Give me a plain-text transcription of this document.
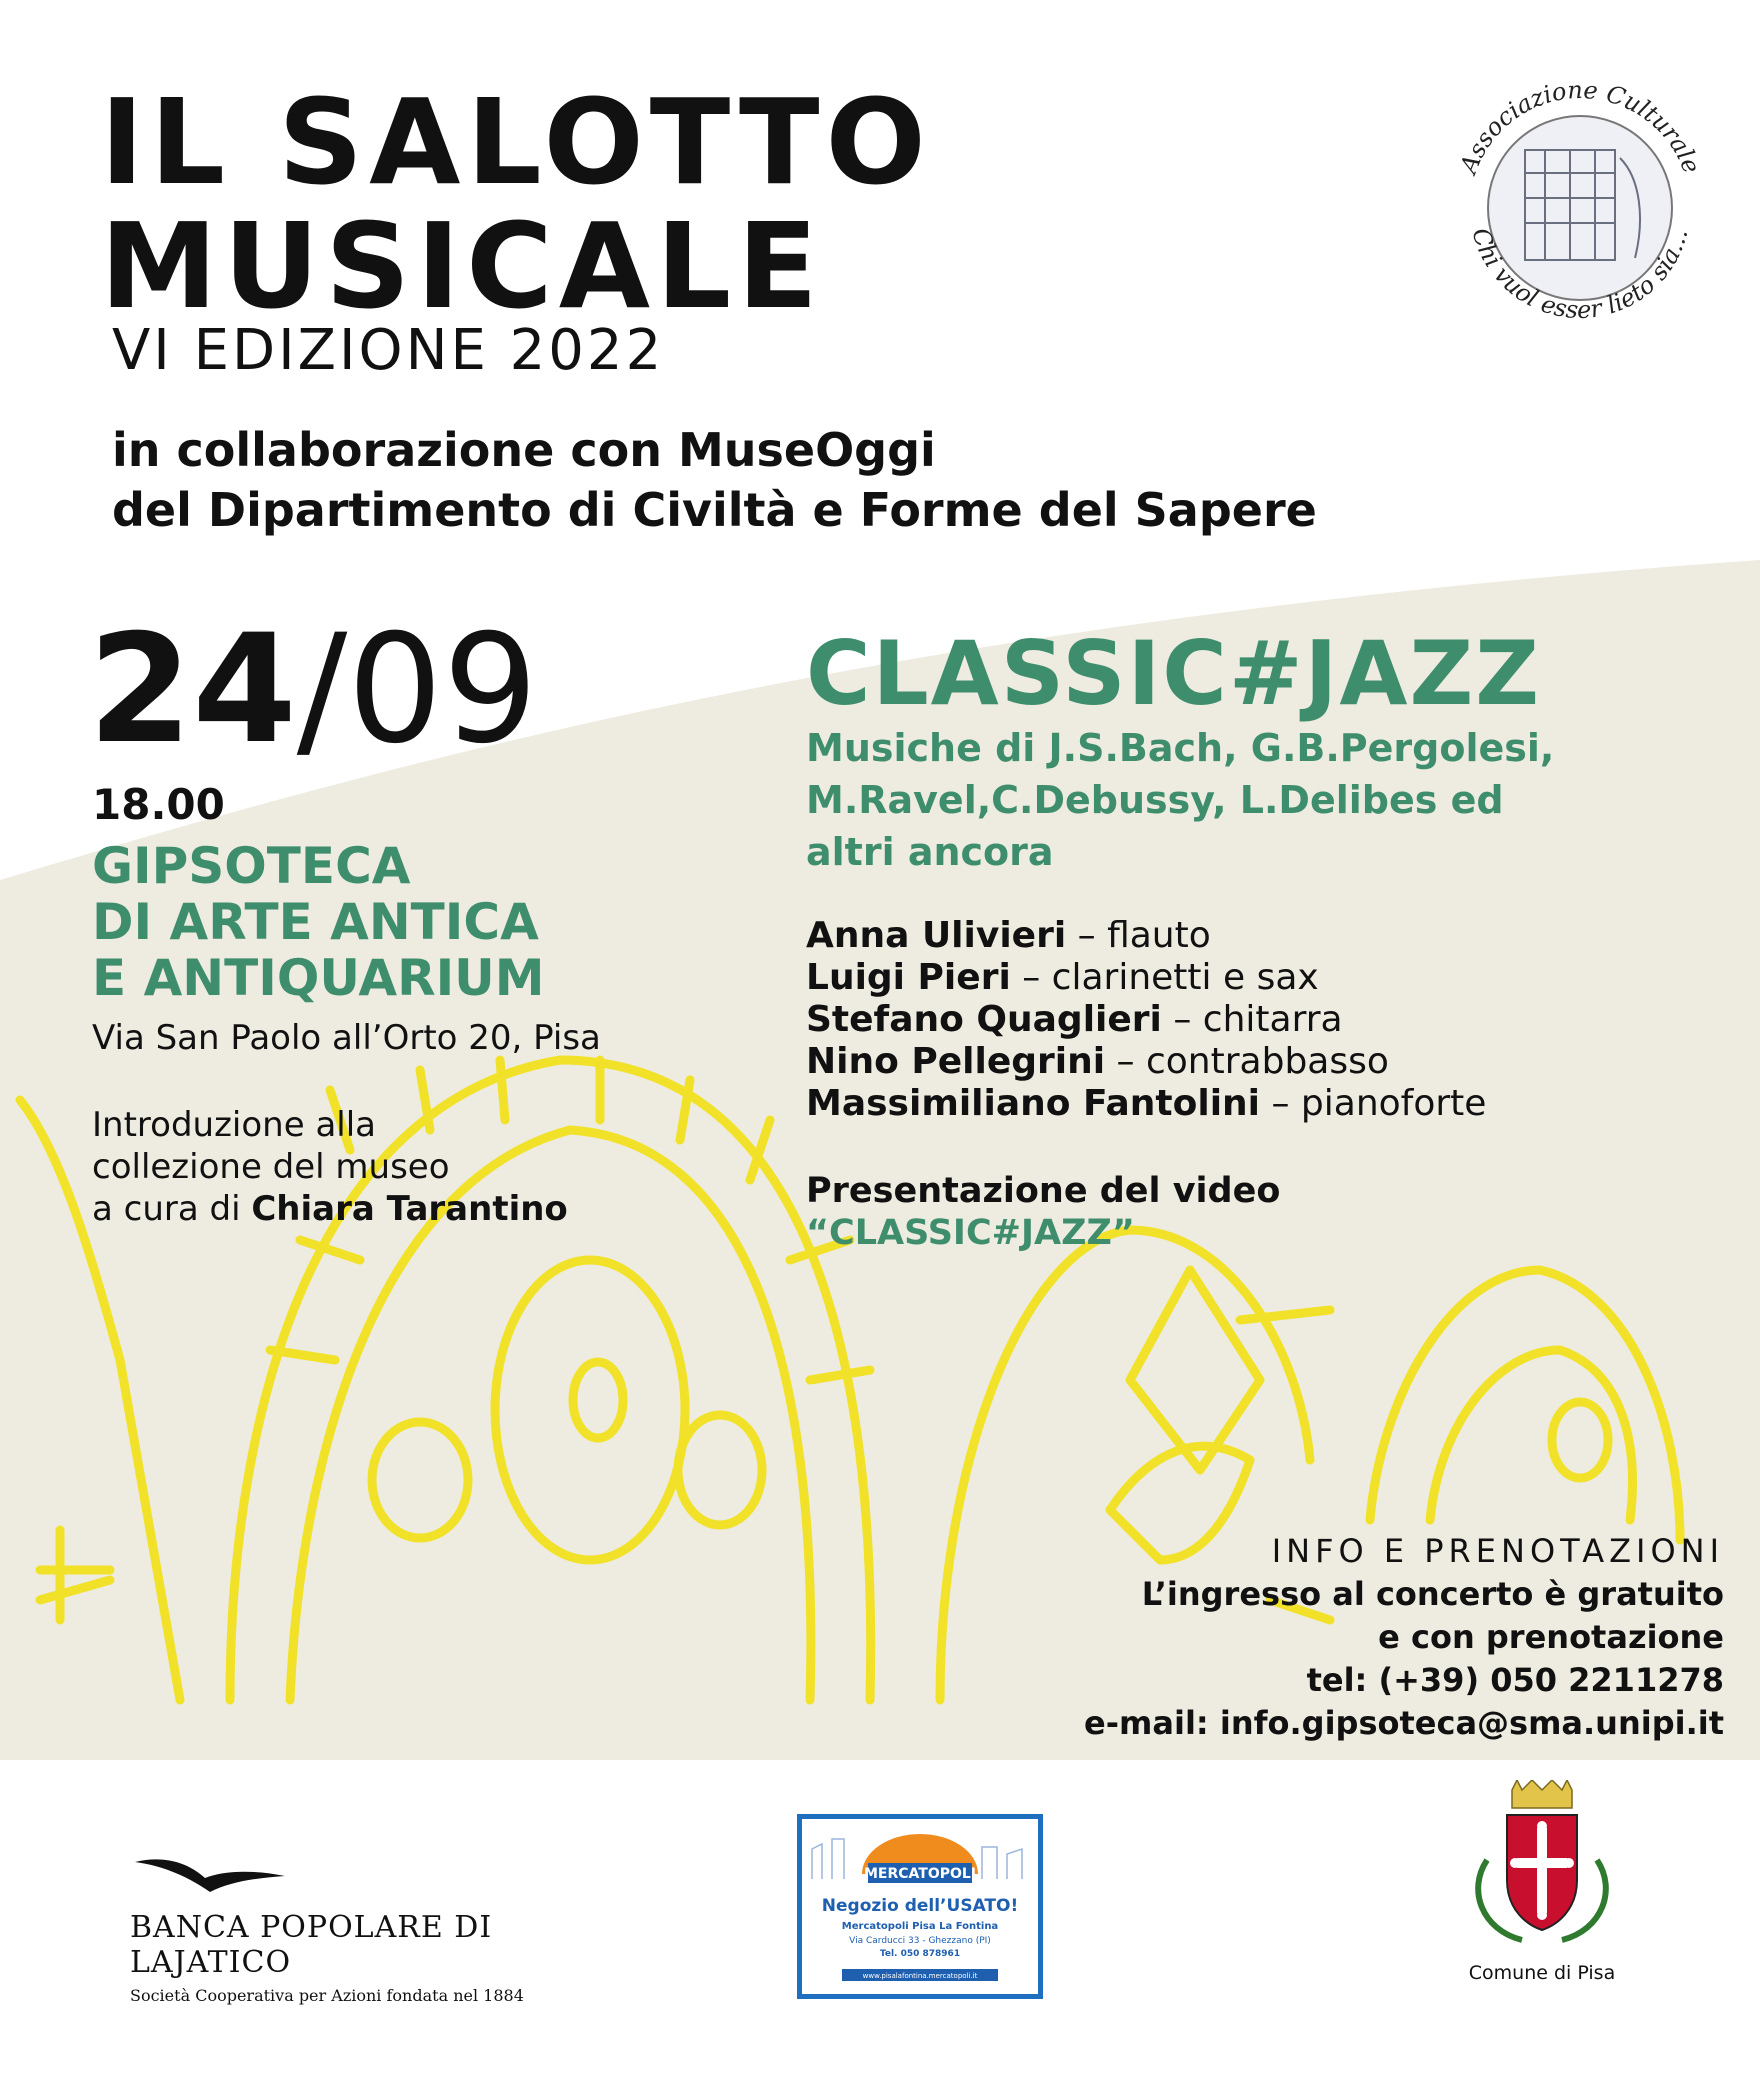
IL SALOTTO
MUSICALE
VI EDIZIONE 2022
in collaborazione con MuseOggi
del Dipartimento di Civiltà e Forme del Sapere
Associazione Culturale
Chi vuol esser lieto sia...
24/09
18.00
GIPSOTECA
DI ARTE ANTICA
E ANTIQUARIUM
Via San Paolo all’Orto 20, Pisa
Introduzione alla
collezione del museo
a cura di Chiara Tarantino
CLASSIC#JAZZ
Musiche di J.S.Bach, G.B.Pergolesi,
M.Ravel,C.Debussy, L.Delibes ed
altri ancora
Anna Ulivieri – flauto
Luigi Pieri – clarinetti e sax
Stefano Quaglieri – chitarra
Nino Pellegrini – contrabbasso
Massimiliano Fantolini – pianoforte
Presentazione del video
“CLASSIC#JAZZ”
INFO E PRENOTAZIONI
L’ingresso al concerto è gratuito
e con prenotazione
tel: (+39) 050 2211278
e-mail: info.gipsoteca@sma.unipi.it
BANCA POPOLARE DI LAJATICO
Società Cooperativa per Azioni fondata nel 1884
MERCATOPOLI
Negozio dell’USATO!
Mercatopoli Pisa La Fontina
Via Carducci 33 - Ghezzano (PI)
Tel. 050 878961
www.pisalafontina.mercatopoli.it	Comune di Pisa
